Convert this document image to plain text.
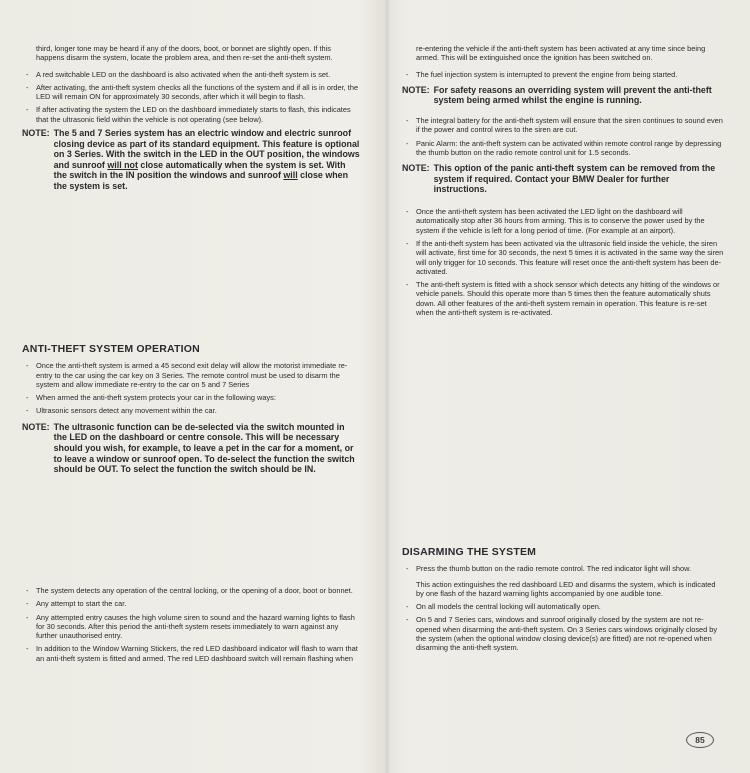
third, longer tone may be heard if any of the doors, boot, or bonnet are slightly open. If this happens disarm the system, locate the problem area, and then re-set the anti-theft system.

- A red switchable LED on the dashboard is also activated when the anti-theft system is set.
- After activating, the anti-theft system checks all the functions of the system and if all is in order, the LED will remain ON for approximately 30 seconds, after which it will begin to flash.
- If after activating the system the LED on the dashboard immediately starts to flash, this indicates that the ultrasonic field within the vehicle is not operating (see below).
NOTE: The 5 and 7 Series system has an electric window and electric sunroof closing device as part of its standard equipment. This feature is optional on 3 Series. With the switch in the LED in the OUT position, the windows and sunroof will not close automatically when the system is set. With the switch in the IN position the windows and sunroof will close when the system is set.
ANTI-THEFT SYSTEM OPERATION
- Once the anti-theft system is armed a 45 second exit delay will allow the motorist immediate re-entry to the car using the car key on 3 Series. The remote control must be used to disarm the system and allow immediate re-entry to the car on 5 and 7 Series
- When armed the anti-theft system protects your car in the following ways:
- Ultrasonic sensors detect any movement within the car.
NOTE: The ultrasonic function can be de-selected via the switch mounted in the LED on the dashboard or centre console. This will be necessary should you wish, for example, to leave a pet in the car for a moment, or to leave a window or sunroof open. To de-select the function the switch should be OUT. To select the function the switch should be IN.
- The system detects any operation of the central locking, or the opening of a door, boot or bonnet.
- Any attempt to start the car.
- Any attempted entry causes the high volume siren to sound and the hazard warning lights to flash for 30 seconds. After this period the anti-theft system resets immediately to warn against any further unauthorised entry.
- In addition to the Window Warning Stickers, the red LED dashboard indicator will flash to warn that an anti-theft system is fitted and armed. The red LED dashboard switch will remain flashing when

re-entering the vehicle if the anti-theft system has been activated at any time since being armed. This will be extinguished once the ignition has been switched on.

- The fuel injection system is interrupted to prevent the engine from being started.
NOTE: For safety reasons an overriding system will prevent the anti-theft system being armed whilst the engine is running.
- The integral battery for the anti-theft system will ensure that the siren continues to sound even if the power and control wires to the siren are cut.
- Panic Alarm: the anti-theft system can be activated within remote control range by depressing the thumb button on the radio remote control unit for 1.5 seconds.
NOTE: This option of the panic anti-theft system can be removed from the system if required. Contact your BMW Dealer for further instructions.
- Once the anti-theft system has been activated the LED light on the dashboard will automatically stop after 36 hours from arming. This is to conserve the power used by the system if the vehicle is left for a long period of time. (For example at an airport).
- If the anti-theft system has been activated via the ultrasonic field inside the vehicle, the siren will activate, first time for 30 seconds, the next 5 times it is activated in the same way the siren will only trigger for 10 seconds. This feature will reset once the anti-theft system has been de-activated.
- The anti-theft system is fitted with a shock sensor which detects any hitting of the windows or vehicle panels. Should this operate more than 5 times then the feature automatically shuts down. All other features of the anti-theft system remain in operation. This feature is re-set when the anti-theft system is re-activated.
DISARMING THE SYSTEM
- Press the thumb button on the radio remote control. The red indicator light will show.

This action extinguishes the red dashboard LED and disarms the system, which is indicated by one flash of the hazard warning lights accompanied by one audible tone.

- On all models the central locking will automatically open.
- On 5 and 7 Series cars, windows and sunroof originally closed by the system are not re-opened when disarming the anti-theft system. On 3 Series cars windows originally closed by the system (when the optional window closing device(s) are fitted) are not re-opened when disarming the anti-theft system.
85
